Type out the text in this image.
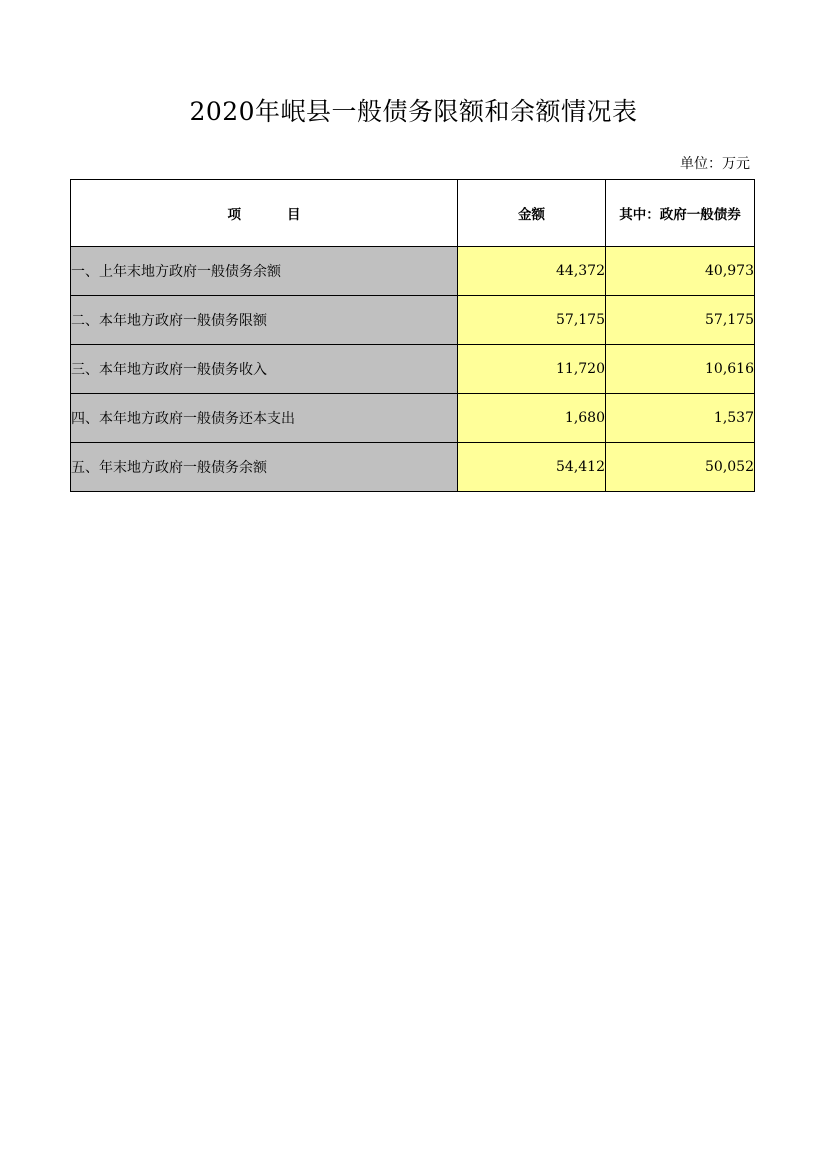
2020年岷县一般债务限额和余额情况表
单位：万元
项 目	金额	其中：政府一般债券
一、上年末地方政府一般债务余额	44,372	40,973
二、本年地方政府一般债务限额	57,175	57,175
三、本年地方政府一般债务收入	11,720	10,616
四、本年地方政府一般债务还本支出	1,680	1,537
五、年末地方政府一般债务余额	54,412	50,052
